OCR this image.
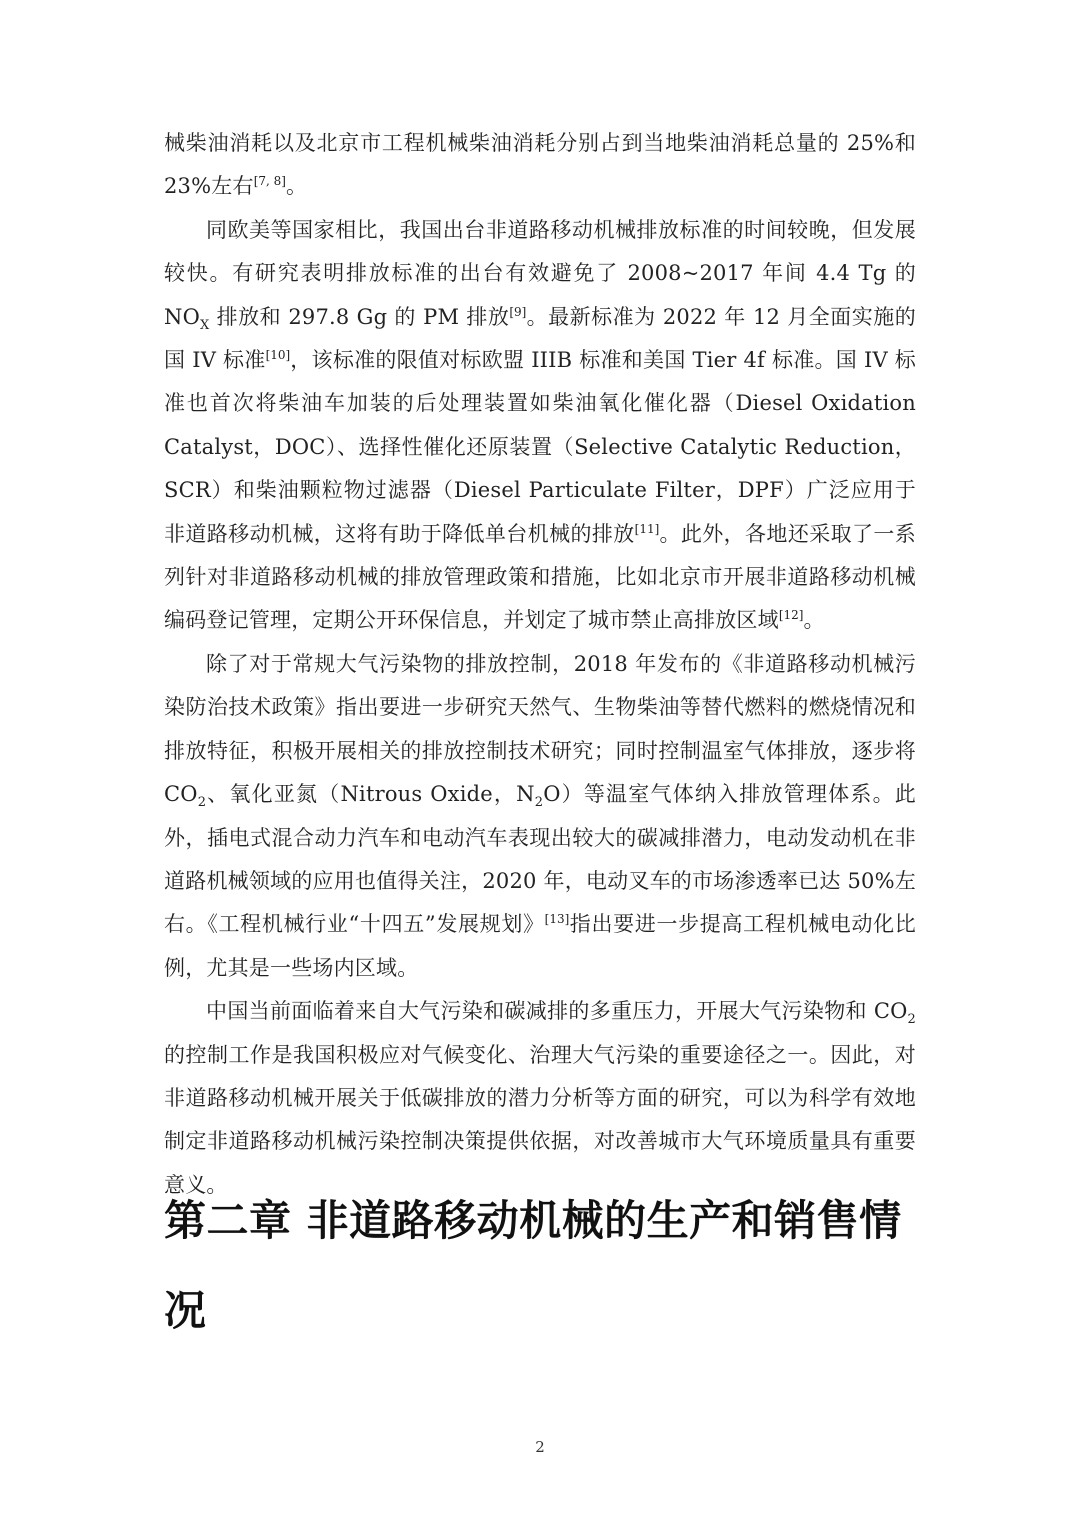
械柴油消耗以及北京市工程机械柴油消耗分别占到当地柴油消耗总量的 25%和 23%左右[7, 8]。

同欧美等国家相比，我国出台非道路移动机械排放标准的时间较晚，但发展较快。有研究表明排放标准的出台有效避免了 2008~2017 年间 4.4 Tg 的 $NO_X$ 排放和 297.8 Gg 的 PM 排放[9]。最新标准为 2022 年 12 月全面实施的国 IV 标准[10]，该标准的限值对标欧盟 IIIB 标准和美国 Tier 4f 标准。国 IV 标准也首次将柴油车加装的后处理装置如柴油氧化催化器（Diesel Oxidation Catalyst，DOC）、选择性催化还原装置（Selective Catalytic Reduction，SCR）和柴油颗粒物过滤器（Diesel Particulate Filter，DPF）广泛应用于非道路移动机械，这将有助于降低单台机械的排放[11]。此外，各地还采取了一系列针对非道路移动机械的排放管理政策和措施，比如北京市开展非道路移动机械编码登记管理，定期公开环保信息，并划定了城市禁止高排放区域[12]。

除了对于常规大气污染物的排放控制，2018 年发布的《非道路移动机械污染防治技术政策》指出要进一步研究天然气、生物柴油等替代燃料的燃烧情况和排放特征，积极开展相关的排放控制技术研究；同时控制温室气体排放，逐步将 $CO_2$、氧化亚氮（Nitrous Oxide，$N_2O$）等温室气体纳入排放管理体系。此外，插电式混合动力汽车和电动汽车表现出较大的碳减排潜力，电动发动机在非道路机械领域的应用也值得关注，2020 年，电动叉车的市场渗透率已达 50%左右。《工程机械行业“十四五”发展规划》[13]指出要进一步提高工程机械电动化比例，尤其是一些场内区域。

中国当前面临着来自大气污染和碳减排的多重压力，开展大气污染物和 $CO_2$ 的控制工作是我国积极应对气候变化、治理大气污染的重要途径之一。因此，对非道路移动机械开展关于低碳排放的潜力分析等方面的研究，可以为科学有效地制定非道路移动机械污染控制决策提供依据，对改善城市大气环境质量具有重要意义。

第二章 非道路移动机械的生产和销售情况
2
